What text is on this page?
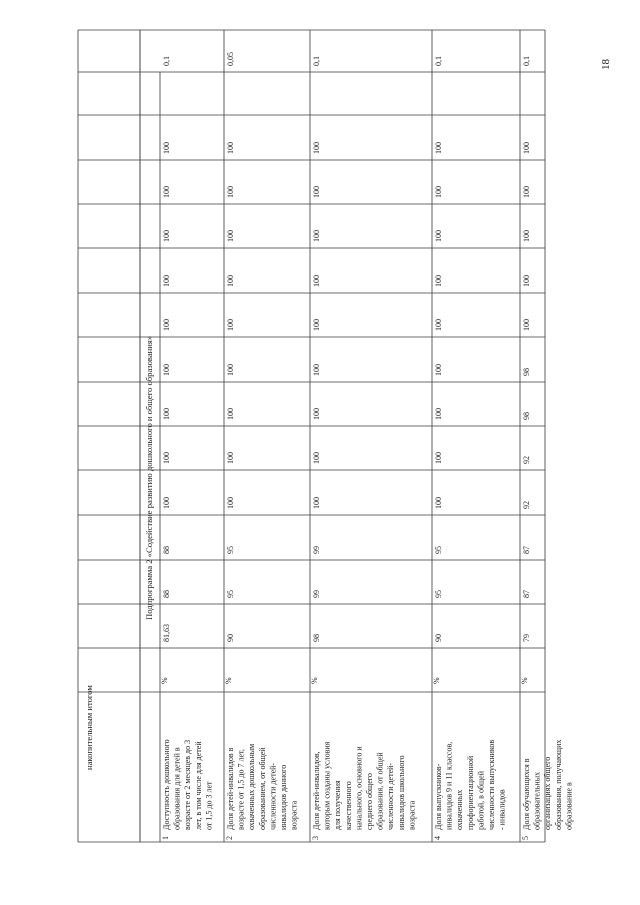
накопительным итогом
Подпрограмма 2 «Содействие развитию дошкольного и общего образования»
1
Доступность дошкольного образования для детей в возрасте от 2 месяцев до 3 лет, в том числе для детей от 1,5 до 3 лет
%
81,63
88
88
100
100
100
100
100
100
100
100
100
0,1
2
Доля детей-инвалидов в возрасте от 1,5 до 7 лет, охваченных дошкольным образованием, от общей численности детей- инвалидов данного возраста
%
90
95
95
100
100
100
100
100
100
100
100
100
0,05
3
Доля детей-инвалидов, которым созданы условия для получения качественного начального, основного и среднего общего образования, от общей численности детей- инвалидов школьного возраста
%
98
99
99
100
100
100
100
100
100
100
100
100
0,1
4
Доля выпускников- инвалидов 9 и 11 классов, охваченных профориентационной работой, в общей численности выпускников - инвалидов
%
90
95
95
100
100
100
100
100
100
100
100
100
0,1
5
Доля обучающихся в образовательных организациях общего образования, получающих образование в
%
79
87
87
92
92
98
98
100
100
100
100
100
0,1	18
